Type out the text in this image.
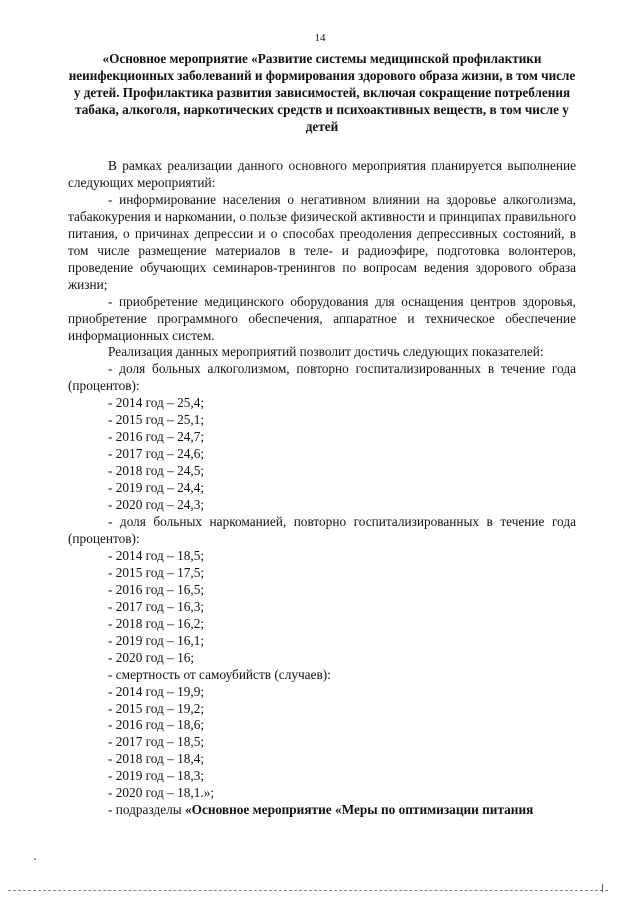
14

«Основное мероприятие «Развитие системы медицинской профилактики неинфекционных заболеваний и формирования здорового образа жизни, в том числе у детей. Профилактика развития зависимостей, включая сокращение потребления табака, алкоголя, наркотических средств и психоактивных веществ, в том числе у детей

В рамках реализации данного основного мероприятия планируется выполнение следующих мероприятий:

- информирование населения о негативном влиянии на здоровье алкоголизма, табакокурения и наркомании, о пользе физической активности и принципах правильного питания, о причинах депрессии и о способах преодоления депрессивных состояний, в том числе размещение материалов в теле- и радиоэфире, подготовка волонтеров, проведение обучающих семинаров-тренингов по вопросам ведения здорового образа жизни;

- приобретение медицинского оборудования для оснащения центров здоровья, приобретение программного обеспечения, аппаратное и техническое обеспечение информационных систем.

Реализация данных мероприятий позволит достичь следующих показателей:

- доля больных алкоголизмом, повторно госпитализированных в течение года (процентов):

- 2014 год – 25,4;

- 2015 год – 25,1;

- 2016 год – 24,7;

- 2017 год – 24,6;

- 2018 год – 24,5;

- 2019 год – 24,4;

- 2020 год – 24,3;

- доля больных наркоманией, повторно госпитализированных в течение года (процентов):

- 2014 год – 18,5;

- 2015 год – 17,5;

- 2016 год – 16,5;

- 2017 год – 16,3;

- 2018 год – 16,2;

- 2019 год – 16,1;

- 2020 год – 16;

- смертность от самоубийств (случаев):

- 2014 год – 19,9;

- 2015 год – 19,2;

- 2016 год – 18,6;

- 2017 год – 18,5;

- 2018 год – 18,4;

- 2019 год – 18,3;

- 2020 год – 18,1.»;

- подразделы «Основное мероприятие «Меры по оптимизации питания
